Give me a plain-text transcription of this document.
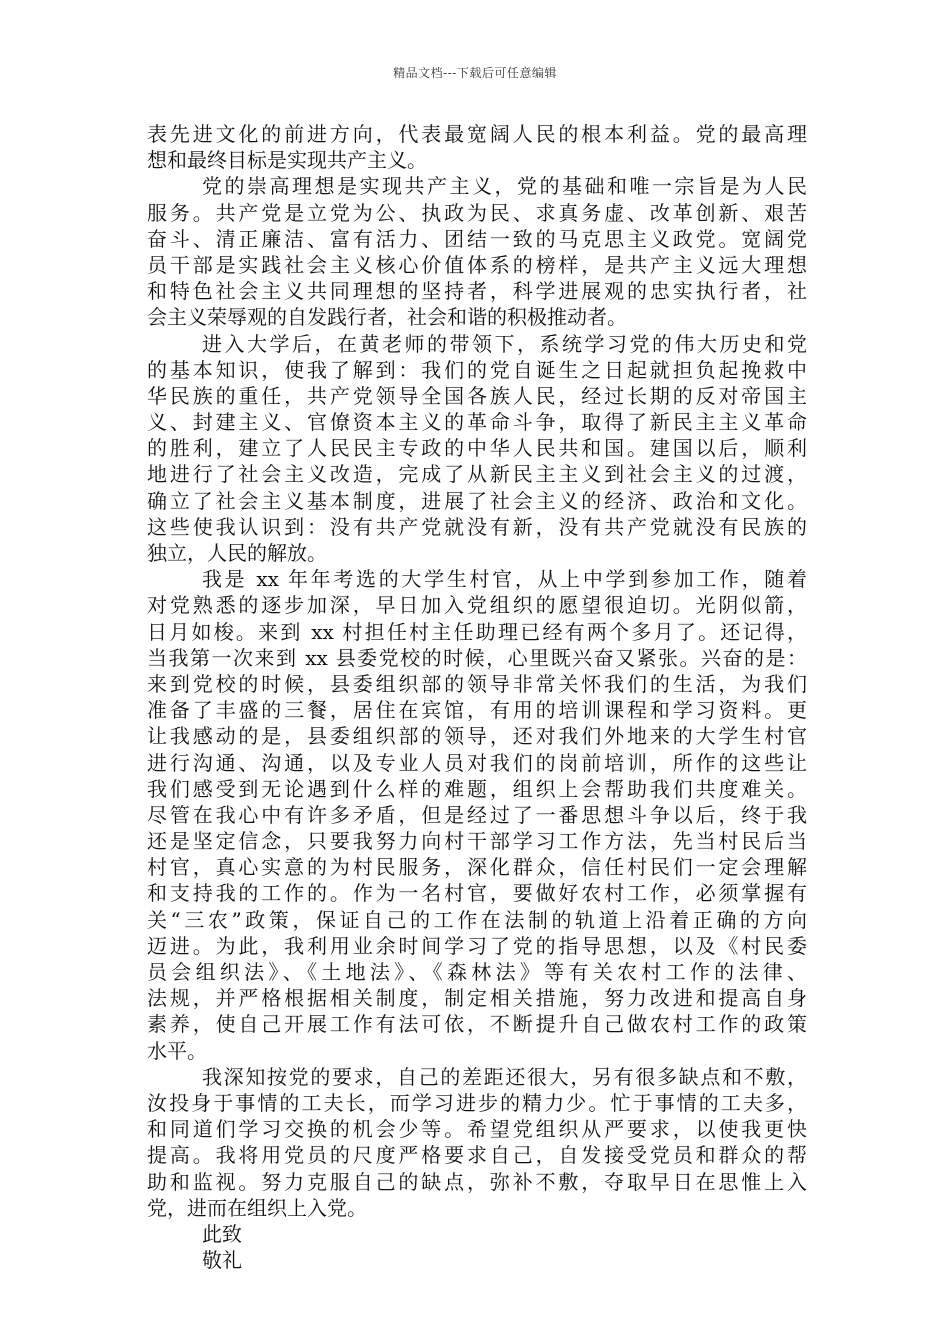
精品文档---下载后可任意编辑
表先进文化的前进方向，代表最宽阔人民的根本利益。党的最高理
想和最终目标是实现共产主义。
党的崇高理想是实现共产主义，党的基础和唯一宗旨是为人民
服务。共产党是立党为公、执政为民、求真务虚、改革创新、艰苦
奋斗、清正廉洁、富有活力、团结一致的马克思主义政党。宽阔党
员干部是实践社会主义核心价值体系的榜样，是共产主义远大理想
和特色社会主义共同理想的坚持者，科学进展观的忠实执行者，社
会主义荣辱观的自发践行者，社会和谐的积极推动者。
进入大学后，在黄老师的带领下，系统学习党的伟大历史和党
的基本知识，使我了解到：我们的党自诞生之日起就担负起挽救中
华民族的重任，共产党领导全国各族人民，经过长期的反对帝国主
义、封建主义、官僚资本主义的革命斗争，取得了新民主主义革命
的胜利，建立了人民民主专政的中华人民共和国。建国以后，顺利
地进行了社会主义改造，完成了从新民主主义到社会主义的过渡，
确立了社会主义基本制度，进展了社会主义的经济、政治和文化。
这些使我认识到：没有共产党就没有新，没有共产党就没有民族的
独立，人民的解放。
我是 xx 年年考选的大学生村官，从上中学到参加工作，随着
对党熟悉的逐步加深，早日加入党组织的愿望很迫切。光阴似箭，
日月如梭。来到 xx 村担任村主任助理已经有两个多月了。还记得，
当我第一次来到 xx 县委党校的时候，心里既兴奋又紧张。兴奋的是：
来到党校的时候，县委组织部的领导非常关怀我们的生活，为我们
准备了丰盛的三餐，居住在宾馆，有用的培训课程和学习资料。更
让我感动的是，县委组织部的领导，还对我们外地来的大学生村官
进行沟通、沟通，以及专业人员对我们的岗前培训，所作的这些让
我们感受到无论遇到什么样的难题，组织上会帮助我们共度难关。
尽管在我心中有许多矛盾，但是经过了一番思想斗争以后，终于我
还是坚定信念，只要我努力向村干部学习工作方法，先当村民后当
村官，真心实意的为村民服务，深化群众，信任村民们一定会理解
和支持我的工作的。作为一名村官，要做好农村工作，必须掌握有
关“三农”政策，保证自己的工作在法制的轨道上沿着正确的方向
迈进。为此，我利用业余时间学习了党的指导思想，以及《村民委
员会组织法》、《土地法》、《森林法》等有关农村工作的法律、
法规，并严格根据相关制度，制定相关措施，努力改进和提高自身
素养，使自己开展工作有法可依，不断提升自己做农村工作的政策
水平。
我深知按党的要求，自己的差距还很大，另有很多缺点和不敷，
汝投身于事情的工夫长，而学习进步的精力少。忙于事情的工夫多，
和同道们学习交换的机会少等。希望党组织从严要求，以使我更快
提高。我将用党员的尺度严格要求自己，自发接受党员和群众的帮
助和监视。努力克服自己的缺点，弥补不敷，夺取早日在思惟上入
党，进而在组织上入党。
此致
敬礼
